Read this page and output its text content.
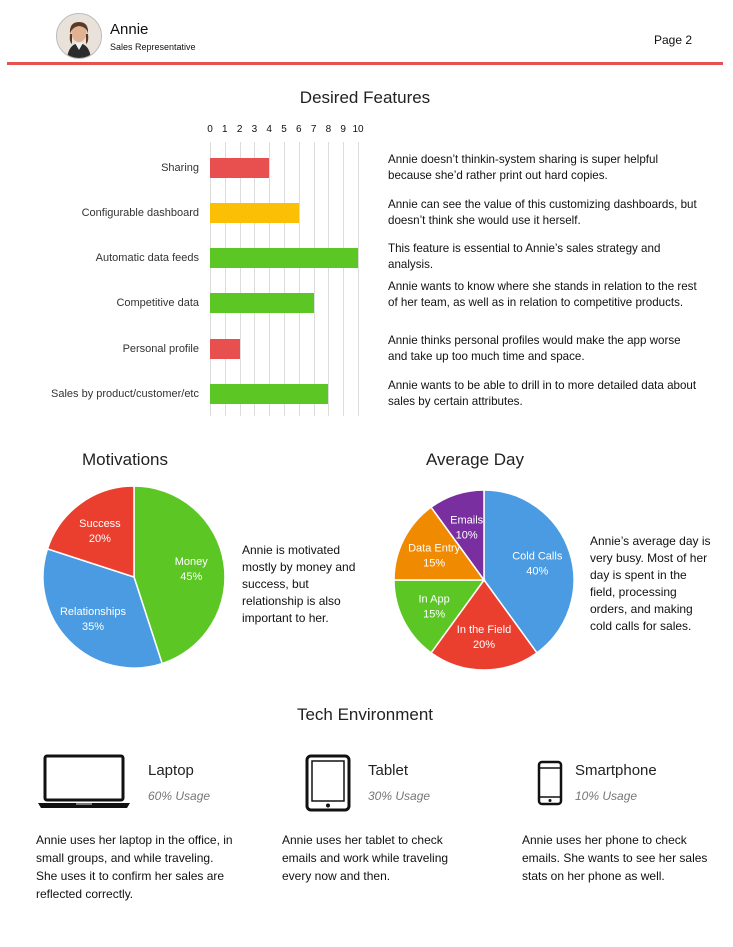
Annie
Sales Representative	Page 2
Desired Features
0 1 2 3 4 5 6 7 8 9 10
Sharing
Configurable dashboard
Automatic data feeds
Competitive data
Personal profile
Sales by product/customer/etc
Annie doesn’t thinkin-system sharing is super helpful because she’d rather print out hard copies.
Annie can see the value of this customizing dashboards, but doesn’t think she would use it herself.
This feature is essential to Annie’s sales strategy and analysis.
Annie wants to know where she stands in relation to the rest of her team, as well as in relation to competitive products.
Annie thinks personal profiles would make the app worse and take up too much time and space.
Annie wants to be able to drill in to more detailed data about sales by certain attributes.
Motivations
Money
45%
Relationships
35%
Success
20%
Annie is motivated mostly by money and success, but relationship is also important to her.
Average Day
Cold Calls
40%
In the Field
20%
In App
15%
Data Entry
15%
Emails
10%	Annie’s average day is very busy. Most of her day is spent in the field, processing orders, and making cold calls for sales.
Tech Environment
Laptop
60% Usage
Annie uses her laptop in the office, in small groups, and while traveling. She uses it to confirm her sales are reflected correctly.
Tablet
30% Usage
Annie uses her tablet to check emails and work while traveling every now and then.
Smartphone
10% Usage
Annie uses her phone to check emails. She wants to see her sales stats on her phone as well.
